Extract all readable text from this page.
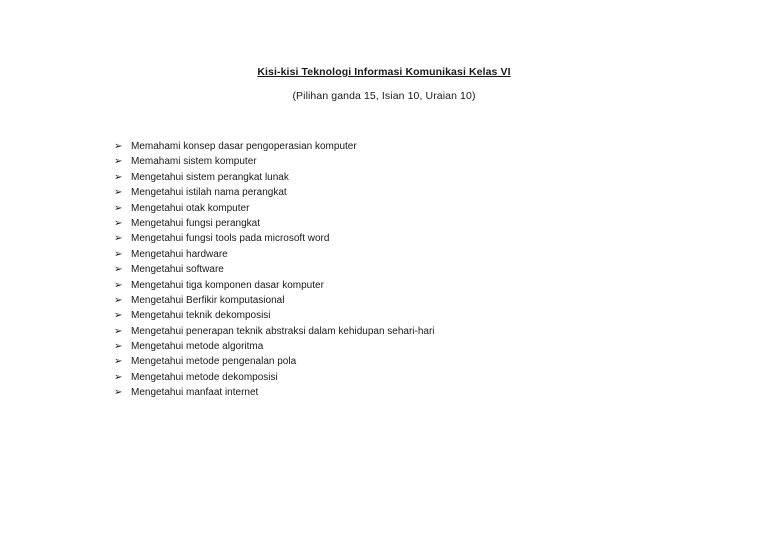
Kisi-kisi Teknologi Informasi Komunikasi Kelas VI
(Pilihan ganda 15, Isian 10, Uraian 10)
➢ Memahami konsep dasar pengoperasian komputer
➢ Memahami sistem komputer
➢ Mengetahui sistem perangkat lunak
➢ Mengetahui istilah nama perangkat
➢ Mengetahui otak komputer
➢ Mengetahui fungsi perangkat
➢ Mengetahui fungsi tools pada microsoft word
➢ Mengetahui hardware
➢ Mengetahui software
➢ Mengetahui tiga komponen dasar komputer
➢ Mengetahui Berfikir komputasional
➢ Mengetahui teknik dekomposisi
➢ Mengetahui penerapan teknik abstraksi dalam kehidupan sehari-hari
➢ Mengetahui metode algoritma
➢ Mengetahui metode pengenalan pola
➢ Mengetahui metode dekomposisi
➢ Mengetahui manfaat internet
